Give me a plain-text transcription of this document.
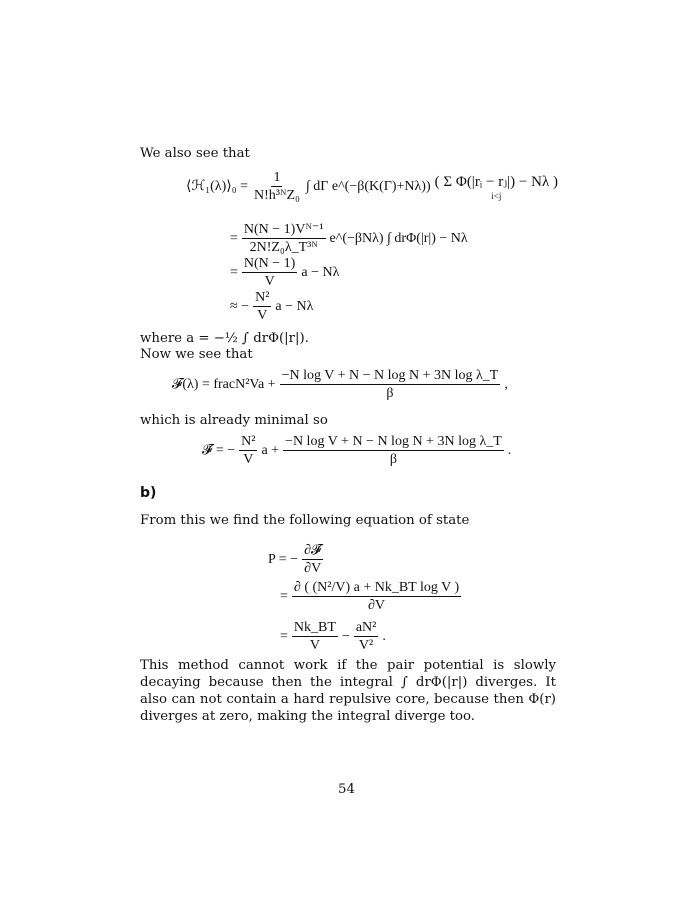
We also see that
⟨ℋ₁(λ)⟩₀ = $\frac{1}{\text{N!h³ᴺZ₀}}$ ∫ dΓ e^(−β(K(Γ)+Nλ)) ( Σ Φ(|rᵢ − rⱼ|) − Nλ )
i<j
= $\frac{\text{N(N − 1)Vᴺ⁻¹}}{\text{2N!Z₀λ\_T³ᴺ}}$ e^(−βNλ) ∫ drΦ(|r|) − Nλ
= $\frac{N(N - 1)}{V}$ a − Nλ
≈ − $\frac{\text{N²}}{V}$ a − Nλ
where a = −½ ∫ drΦ(|r|).
Now we see that
𝓕(λ) = fracN²Va + $\frac{\text{−N log V + N − N log N + 3N log λ\_T}}{\beta}$ ,
which is already minimal so
𝓕̃ = − $\frac{\text{N²}}{V}$ $a + \frac{\text{−N log V + N − N log N + 3N log λ\_T}}{\beta}$ .
b)
From this we find the following equation of state
P = − $\frac{\text{∂𝓕̃}}{\partial V}$
= $\frac{\text{∂ ( (N²/V) a + Nk\_BT log V )}}{\partial V}$
= $\frac{Nk\_BT}{V} - \frac{\text{aN²}}{\text{V²}}$ .
This method cannot work if the pair potential is slowly decaying because then the integral ∫ drΦ(|r|) diverges. It also can not contain a hard repulsive core, because then Φ(r) diverges at zero, making the integral diverge too.
54
